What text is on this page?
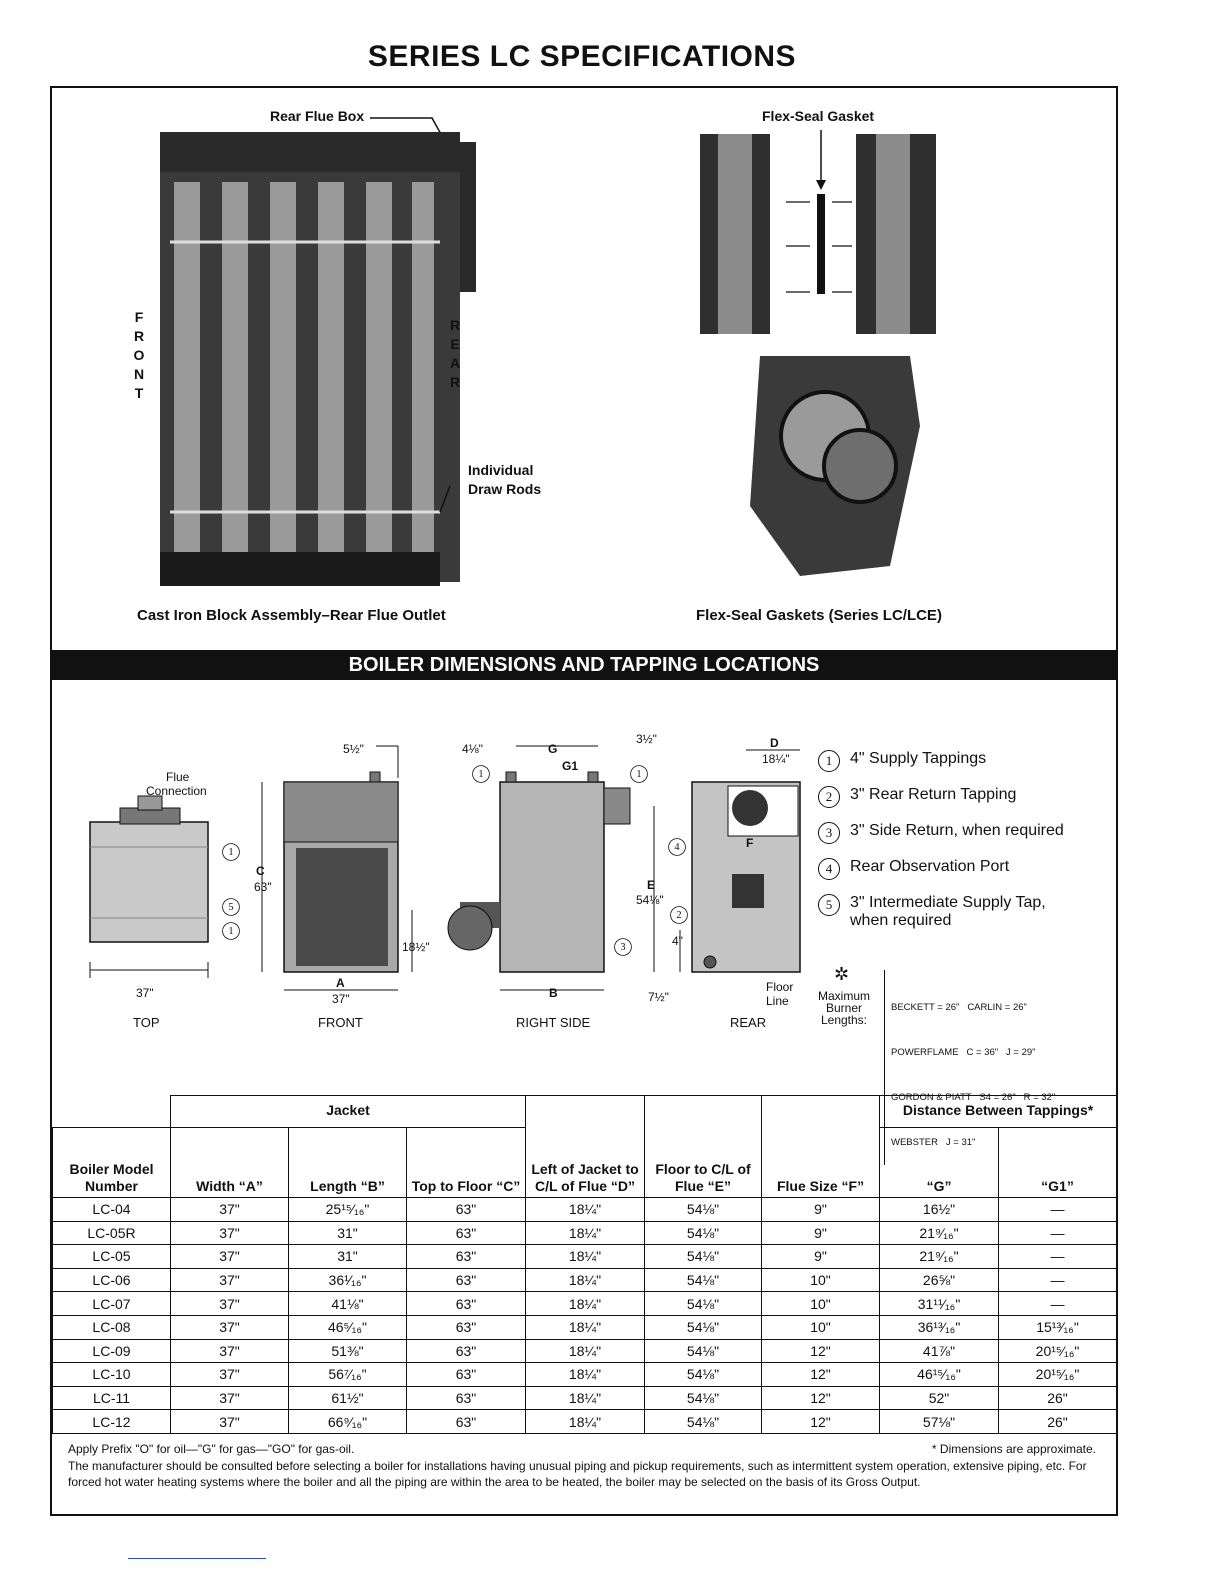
SERIES LC SPECIFICATIONS
Rear Flue Box
FRONT
REAR
Individual
Draw Rods
Cast Iron Block Assembly–Rear Flue Outlet
Flex-Seal Gasket
Flex-Seal Gaskets (Series LC/LCE)
BOILER DIMENSIONS AND TAPPING LOCATIONS
Flue
Connection
37"
5½"
C
63"
A
37"
4⅛"	G
G1
3½"
18½"
B
E
54⅛"
D
18¼"
F
4"
7½"
Floor
Line
1
5
1
1	1
3
4
2
TOP	FRONT	RIGHT SIDE	REAR
1	4" Supply Tappings
2	3" Rear Return Tapping
3	3" Side Return, when required
4	Rear Observation Port
5	3" Intermediate Supply Tap, when required
✲
Maximum
Burner
Lengths:

BECKETT = 26"   CARLIN = 26"

POWERFLAME   C = 36"   J = 29"

GORDON & PIATT   S4 = 26"   R = 32"

WEBSTER   J = 31"

	Jacket			Left of Jacket to C/L of Flue “D”	Floor to C/L of Flue “E”	Flue Size “F”	Distance Between Tappings*	
Boiler Model Number	Width “A”	Length “B”	Top to Floor “C”				“G”	“G1”
LC-04	37"	25¹⁵⁄₁₆"	63"	18¼"	54⅛"	9"	16½"	—
LC-05R	37"	31"	63"	18¼"	54⅛"	9"	21⁹⁄₁₆"	—
LC-05	37"	31"	63"	18¼"	54⅛"	9"	21⁹⁄₁₆"	—
LC-06	37"	36¹⁄₁₆"	63"	18¼"	54⅛"	10"	26⅝"	—
LC-07	37"	41⅛"	63"	18¼"	54⅛"	10"	31¹¹⁄₁₆"	—
LC-08	37"	46⁵⁄₁₆"	63"	18¼"	54⅛"	10"	36¹³⁄₁₆"	15¹³⁄₁₆"
LC-09	37"	51⅜"	63"	18¼"	54⅛"	12"	41⅞"	20¹⁵⁄₁₆"
LC-10	37"	56⁷⁄₁₆"	63"	18¼"	54⅛"	12"	46¹⁵⁄₁₆"	20¹⁵⁄₁₆"
LC-11	37"	61½"	63"	18¼"	54⅛"	12"	52"	26"
LC-12	37"	66⁹⁄₁₆"	63"	18¼"	54⅛"	12"	57⅛"	26"
Apply Prefix "O" for oil—"G" for gas—"GO" for gas-oil.	* Dimensions are approximate.
The manufacturer should be consulted before selecting a boiler for installations having unusual piping and pickup requirements, such as intermittent system operation, extensive piping, etc. For forced hot water heating systems where the boiler and all the piping are within the area to be heated, the boiler may be selected on the basis of its Gross Output.
